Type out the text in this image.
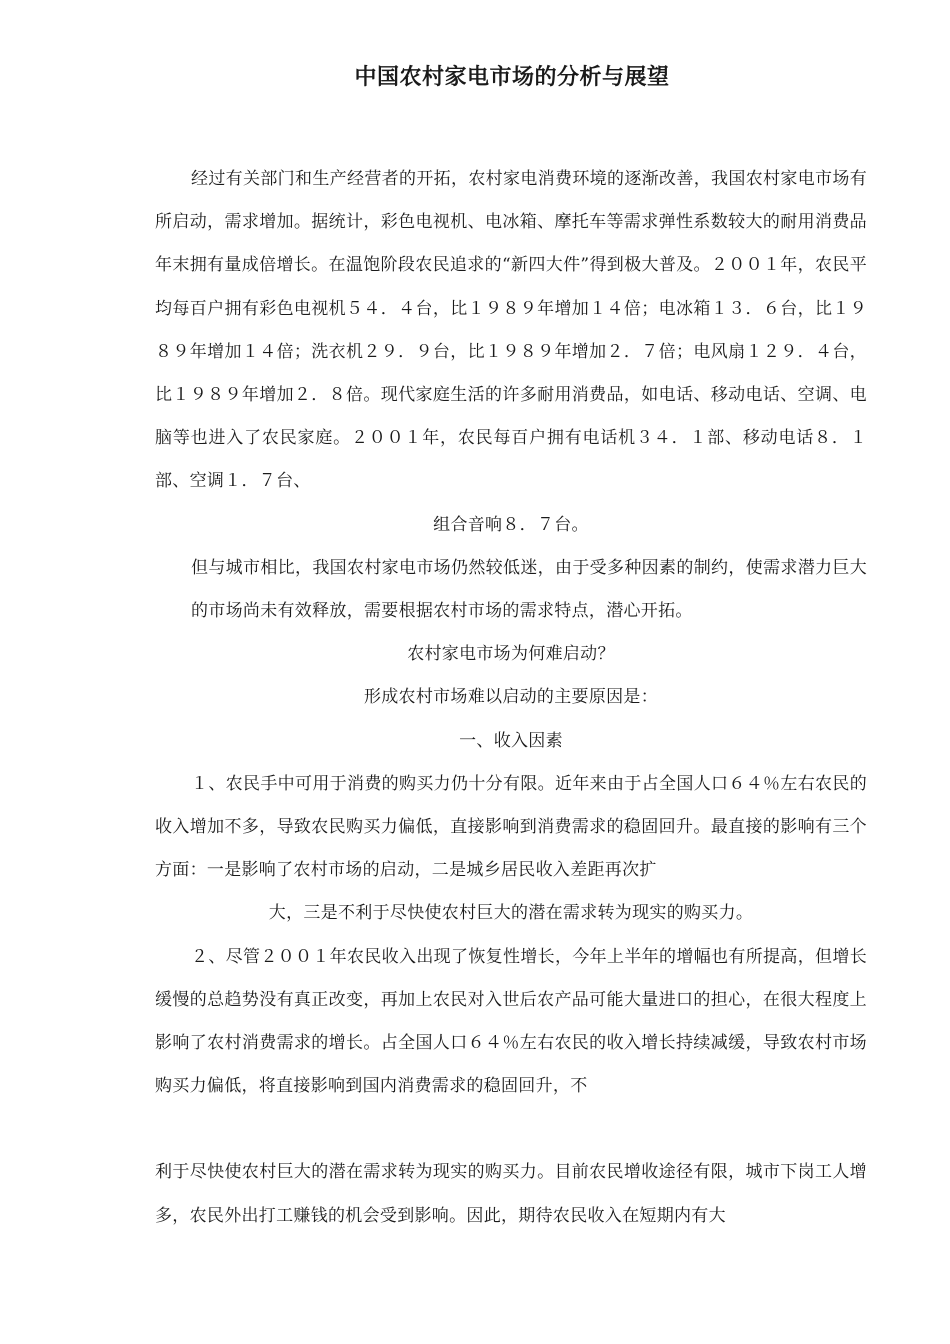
中国农村家电市场的分析与展望

经过有关部门和生产经营者的开拓，农村家电消费环境的逐渐改善，我国农村家电市场有所启动，需求增加。据统计，彩色电视机、电冰箱、摩托车等需求弹性系数较大的耐用消费品年末拥有量成倍增长。在温饱阶段农民追求的“新四大件”得到极大普及。２００１年，农民平均每百户拥有彩色电视机５４．４台，比１９８９年增加１４倍；电冰箱１３．６台，比１９８９年增加１４倍；洗衣机２９．９台，比１９８９年增加２．７倍；电风扇１２９．４台，比１９８９年增加２．８倍。现代家庭生活的许多耐用消费品，如电话、移动电话、空调、电脑等也进入了农民家庭。２００１年，农民每百户拥有电话机３４．１部、移动电话８．１部、空调１．７台、

组合音响８．７台。

但与城市相比，我国农村家电市场仍然较低迷，由于受多种因素的制约，使需求潜力巨大的市场尚未有效释放，需要根据农村市场的需求特点，潜心开拓。

农村家电市场为何难启动？

形成农村市场难以启动的主要原因是：

一、收入因素

１、农民手中可用于消费的购买力仍十分有限。近年来由于占全国人口６４％左右农民的收入增加不多，导致农民购买力偏低，直接影响到消费需求的稳固回升。最直接的影响有三个方面：一是影响了农村市场的启动，二是城乡居民收入差距再次扩

大，三是不利于尽快使农村巨大的潜在需求转为现实的购买力。

２、尽管２００１年农民收入出现了恢复性增长，今年上半年的增幅也有所提高，但增长缓慢的总趋势没有真正改变，再加上农民对入世后农产品可能大量进口的担心，在很大程度上影响了农村消费需求的增长。占全国人口６４％左右农民的收入增长持续减缓，导致农村市场购买力偏低，将直接影响到国内消费需求的稳固回升，不

利于尽快使农村巨大的潜在需求转为现实的购买力。目前农民增收途径有限，城市下岗工人增多，农民外出打工赚钱的机会受到影响。因此，期待农民收入在短期内有大
